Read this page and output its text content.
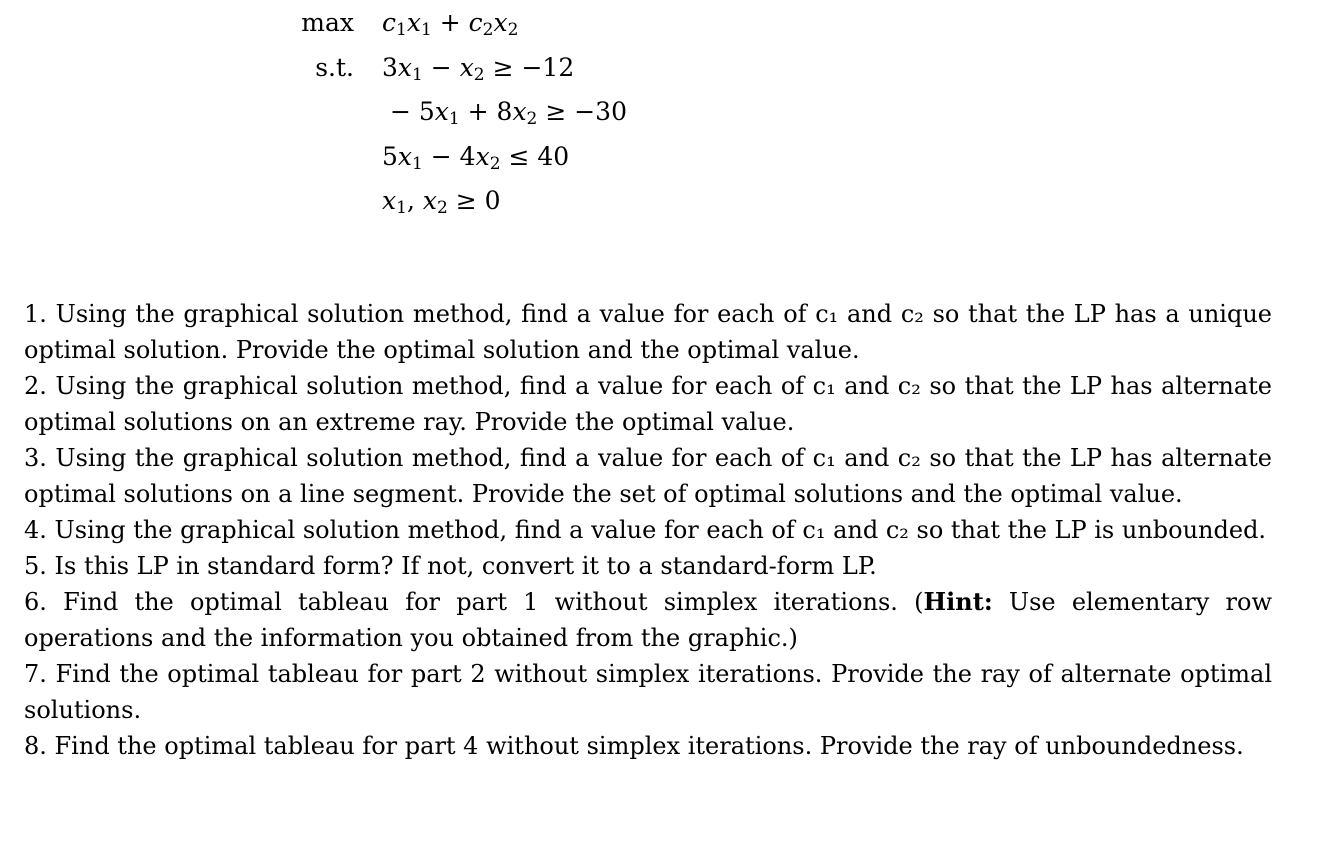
max	$c_1x_1 + c_2x_2$
s.t.	$3x_1 - x_2 \ge -12$
− $5x_1 + 8x_2 \ge -30$
$5x_1 - 4x_2 \le 40$
$x_1$, $x_2 \ge 0$

1. Using the graphical solution method, find a value for each of c₁ and c₂ so that the LP has a unique optimal solution. Provide the optimal solution and the optimal value.

2. Using the graphical solution method, find a value for each of c₁ and c₂ so that the LP has alternate optimal solutions on an extreme ray. Provide the optimal value.

3. Using the graphical solution method, find a value for each of c₁ and c₂ so that the LP has alternate optimal solutions on a line segment. Provide the set of optimal solutions and the optimal value.

4. Using the graphical solution method, find a value for each of c₁ and c₂ so that the LP is unbounded.

5. Is this LP in standard form? If not, convert it to a standard-form LP.

6. Find the optimal tableau for part 1 without simplex iterations. (Hint: Use elementary row operations and the information you obtained from the graphic.)

7. Find the optimal tableau for part 2 without simplex iterations. Provide the ray of alternate optimal solutions.

8. Find the optimal tableau for part 4 without simplex iterations. Provide the ray of unboundedness.
